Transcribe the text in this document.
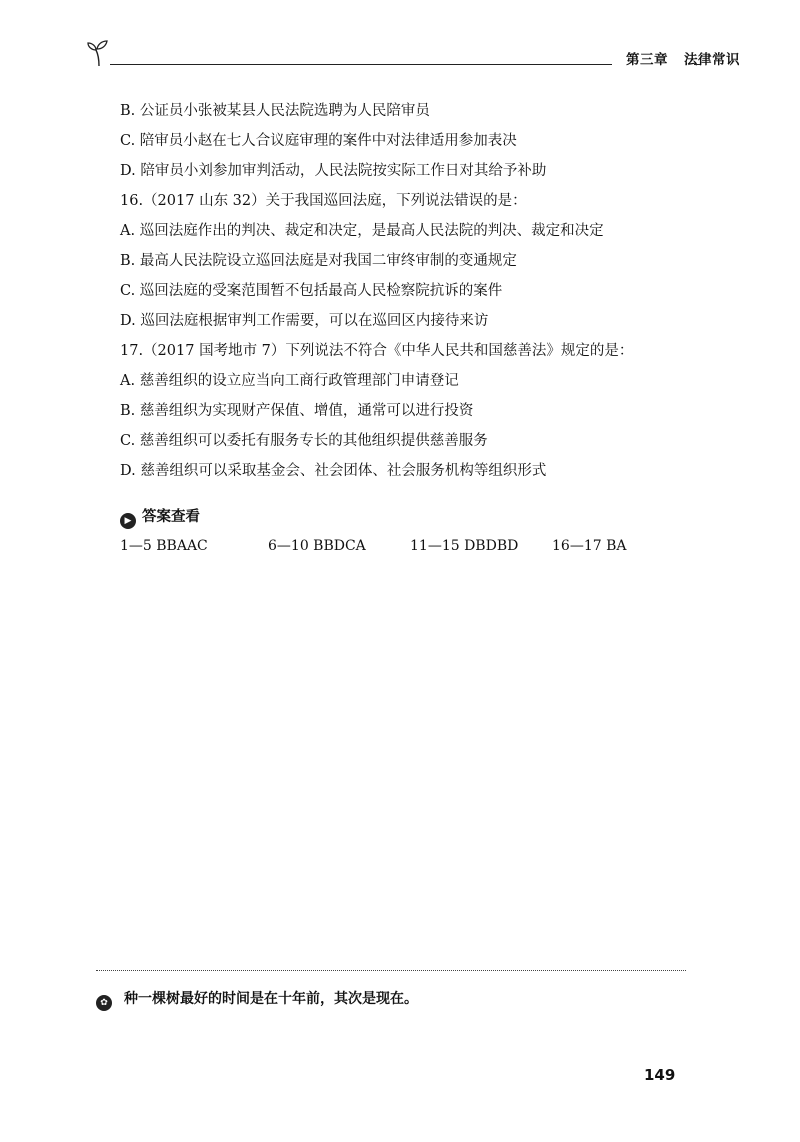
第三章 法律常识
B. 公证员小张被某县人民法院选聘为人民陪审员
C. 陪审员小赵在七人合议庭审理的案件中对法律适用参加表决
D. 陪审员小刘参加审判活动，人民法院按实际工作日对其给予补助
16.（2017 山东 32）关于我国巡回法庭，下列说法错误的是：
A. 巡回法庭作出的判决、裁定和决定，是最高人民法院的判决、裁定和决定
B. 最高人民法院设立巡回法庭是对我国二审终审制的变通规定
C. 巡回法庭的受案范围暂不包括最高人民检察院抗诉的案件
D. 巡回法庭根据审判工作需要，可以在巡回区内接待来访
17.（2017 国考地市 7）下列说法不符合《中华人民共和国慈善法》规定的是：
A. 慈善组织的设立应当向工商行政管理部门申请登记
B. 慈善组织为实现财产保值、增值，通常可以进行投资
C. 慈善组织可以委托有服务专长的其他组织提供慈善服务
D. 慈善组织可以采取基金会、社会团体、社会服务机构等组织形式
▶ 答案查看
1—5 BBAAC	6—10 BBDCA	11—15 DBDBD 16—17 BA
✿ 种一棵树最好的时间是在十年前，其次是现在。
149
